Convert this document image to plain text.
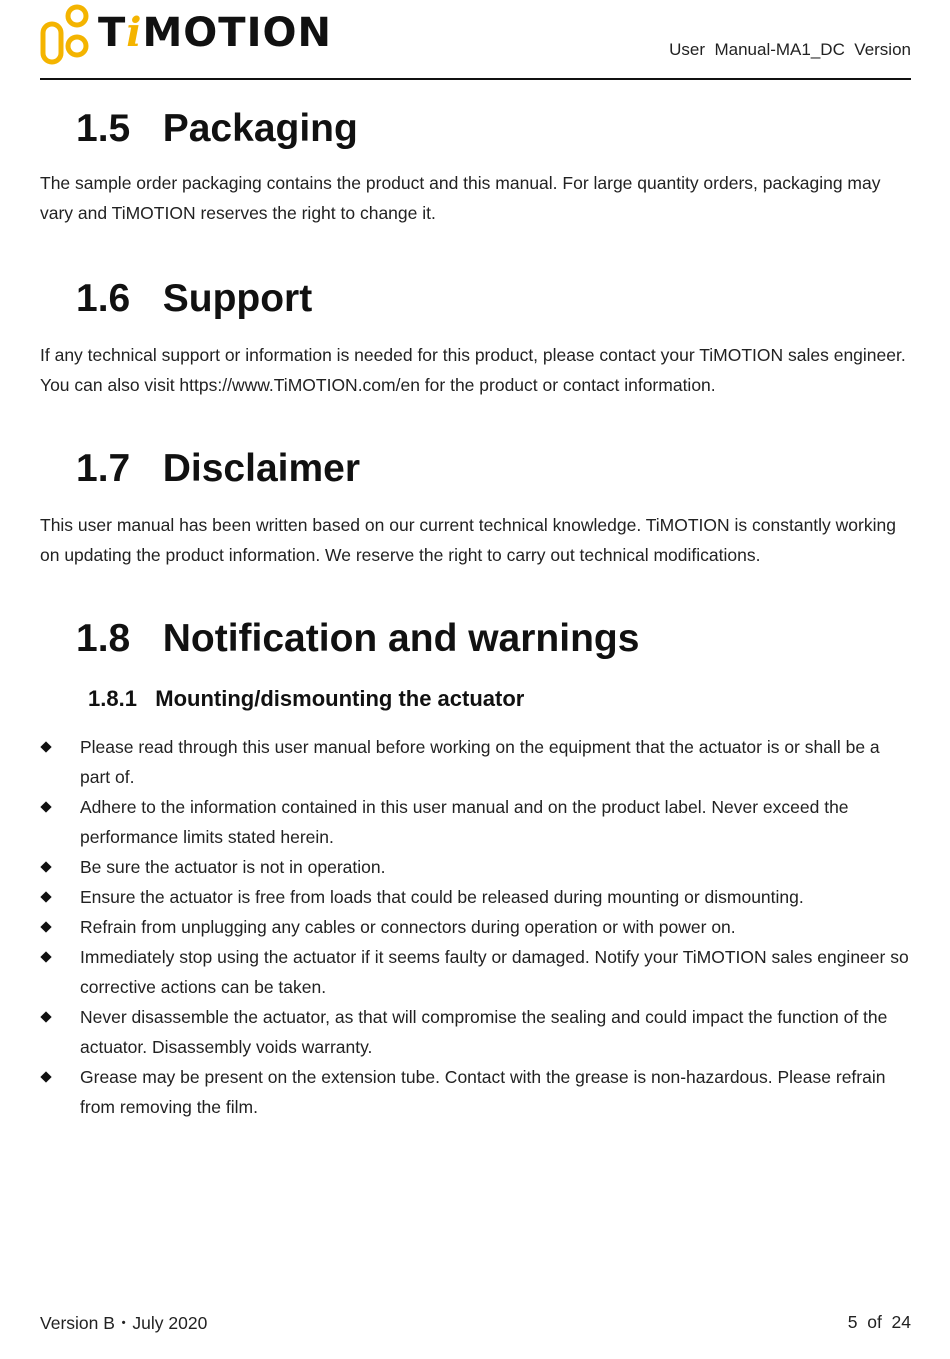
TiMOTION	User  Manual-MA1_DC  Version
1.5 Packaging

The sample order packaging contains the product and this manual. For large quantity orders, packaging may vary and TiMOTION reserves the right to change it.

1.6 Support

If any technical support or information is needed for this product, please contact your TiMOTION sales engineer. You can also visit https://www.TiMOTION.com/en for the product or contact information.

1.7 Disclaimer

This user manual has been written based on our current technical knowledge. TiMOTION is constantly working on updating the product information. We reserve the right to carry out technical modifications.

1.8 Notification and warnings
1.8.1 Mounting/dismounting the actuator
Please read through this user manual before working on the equipment that the actuator is or shall be a part of.
Adhere to the information contained in this user manual and on the product label. Never exceed the performance limits stated herein.
Be sure the actuator is not in operation.
Ensure the actuator is free from loads that could be released during mounting or dismounting.
Refrain from unplugging any cables or connectors during operation or with power on.
Immediately stop using the actuator if it seems faulty or damaged. Notify your TiMOTION sales engineer so corrective actions can be taken.
Never disassemble the actuator, as that will compromise the sealing and could impact the function of the actuator. Disassembly voids warranty.
Grease may be present on the extension tube. Contact with the grease is non-hazardous. Please refrain from removing the film.
Version B・July 2020	5  of  24
